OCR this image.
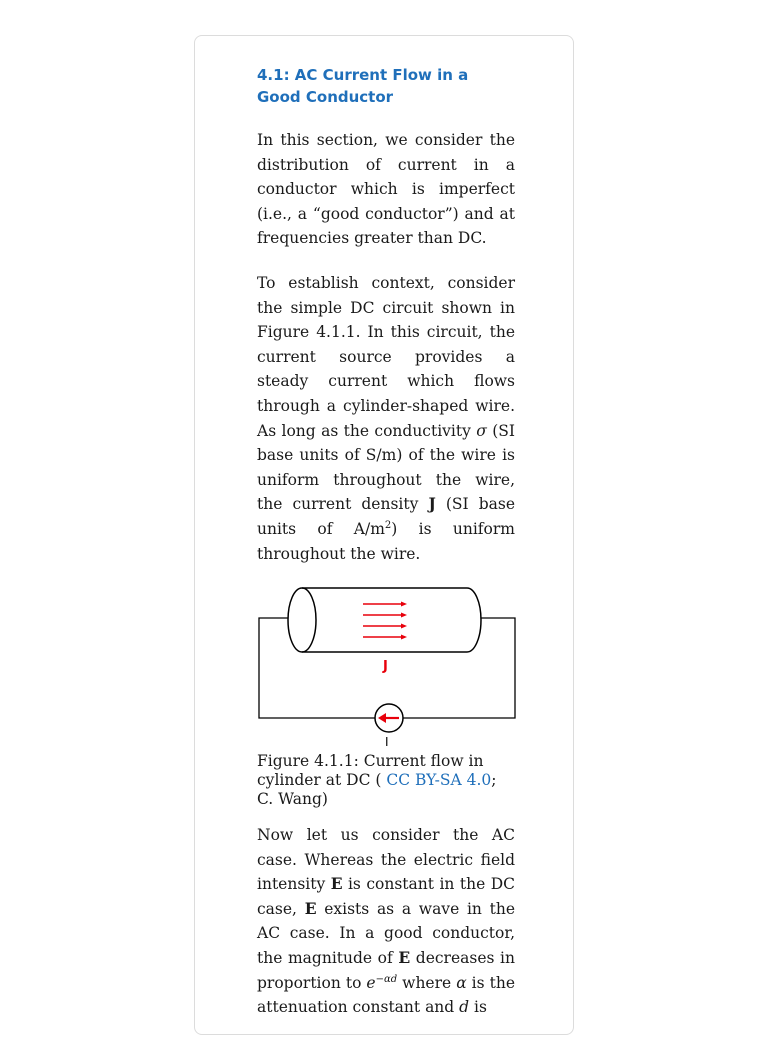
4.1: AC Current Flow in a Good Conductor

In this section, we consider the distribution of current in a conductor which is imperfect (i.e., a “good conductor”) and at frequencies greater than DC.

To establish context, consider the simple DC circuit shown in Figure 4.1.1. In this circuit, the current source provides a steady current which flows through a cylinder-shaped wire. As long as the conductivity σ (SI base units of S/m) of the wire is uniform throughout the wire, the current density J (SI base units of $A/m^2$) is uniform throughout the wire.

J
I

Figure 4.1.1: Current flow in cylinder at DC ( CC BY-SA 4.0; C. Wang)

Now let us consider the AC case. Whereas the electric field intensity E is constant in the DC case, E exists as a wave in the AC case. In a good conductor, the magnitude of E decreases in proportion to $e^{-\alpha d}$ where α is the attenuation constant and d is
